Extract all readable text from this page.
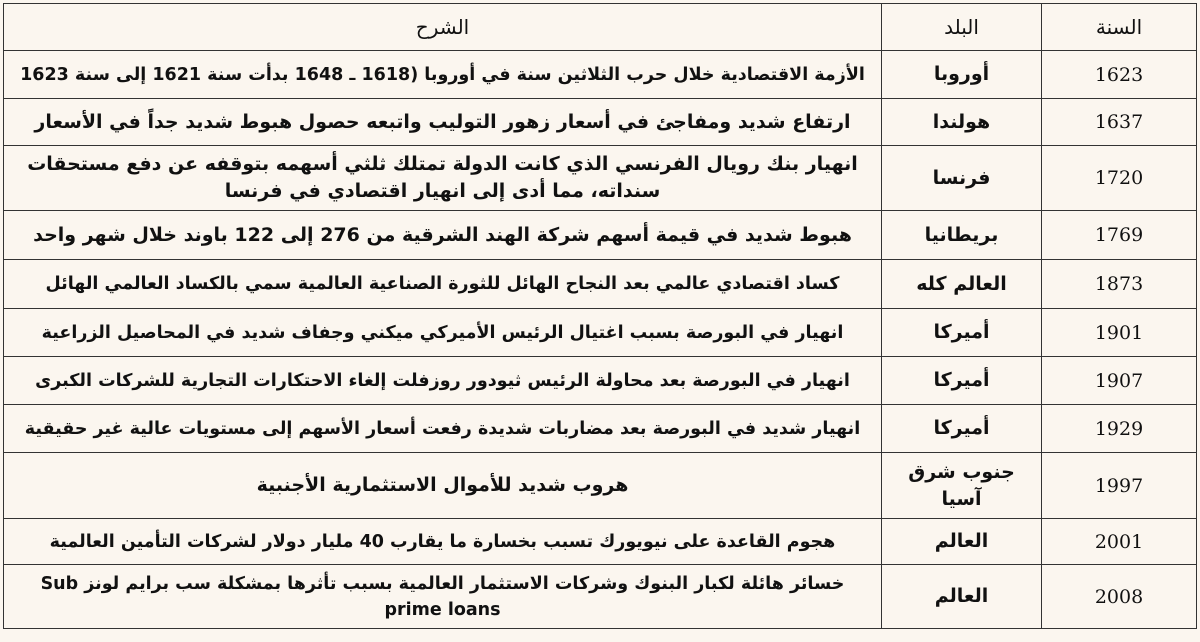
السنة	البلد	الشرح
1623	أوروبا	الأزمة الاقتصادية خلال حرب الثلاثين سنة في أوروبا (1618 ـ 1648 بدأت سنة 1621 إلى سنة 1623
1637	هولندا	ارتفاع شديد ومفاجئ في أسعار زهور التوليب واتبعه حصول هبوط شديد جداً في الأسعار
1720	فرنسا	انهيار بنك رويال الفرنسي الذي كانت الدولة تمتلك ثلثي أسهمه بتوقفه عن دفع مستحقات سنداته، مما أدى إلى انهيار اقتصادي في فرنسا
1769	بريطانيا	هبوط شديد في قيمة أسهم شركة الهند الشرقية من 276 إلى 122 باوند خلال شهر واحد
1873	العالم كله	كساد اقتصادي عالمي بعد النجاح الهائل للثورة الصناعية العالمية سمي بالكساد العالمي الهائل
1901	أميركا	انهيار في البورصة بسبب اغتيال الرئيس الأميركي ميكني وجفاف شديد في المحاصيل الزراعية
1907	أميركا	انهيار في البورصة بعد محاولة الرئيس ثيودور روزفلت إلغاء الاحتكارات التجارية للشركات الكبرى
1929	أميركا	انهيار شديد في البورصة بعد مضاربات شديدة رفعت أسعار الأسهم إلى مستويات عالية غير حقيقية
1997	جنوب شرق آسيا	هروب شديد للأموال الاستثمارية الأجنبية
2001	العالم	هجوم القاعدة على نيويورك تسبب بخسارة ما يقارب 40 مليار دولار لشركات التأمين العالمية
2008	العالم	خسائر هائلة لكبار البنوك وشركات الاستثمار العالمية بسبب تأثرها بمشكلة سب برايم لونز Sub prime loans
